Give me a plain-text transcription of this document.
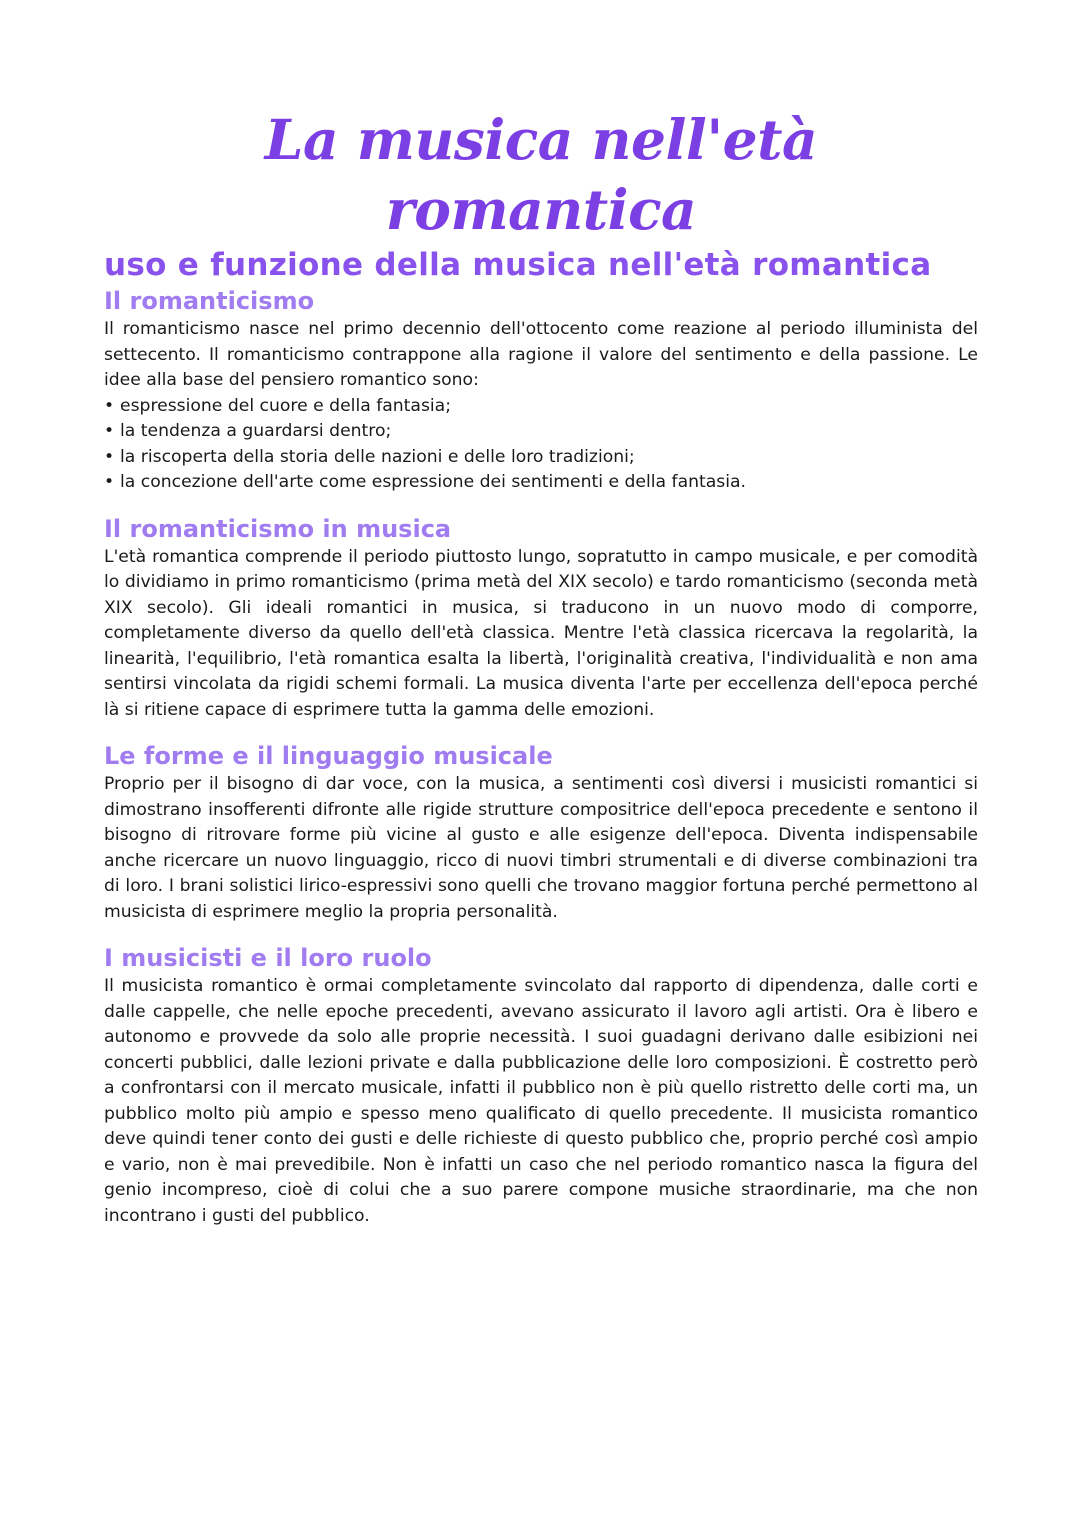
La musica nell'età romantica
uso e funzione della musica nell'età romantica
Il romanticismo

Il romanticismo nasce nel primo decennio dell'ottocento come reazione al periodo illuminista del settecento. Il romanticismo contrappone alla ragione il valore del sentimento e della passione. Le idee alla base del pensiero romantico sono:

• espressione del cuore e della fantasia;
• la tendenza a guardarsi dentro;
• la riscoperta della storia delle nazioni e delle loro tradizioni;
• la concezione dell'arte come espressione dei sentimenti e della fantasia.
Il romanticismo in musica

L'età romantica comprende il periodo piuttosto lungo, sopratutto in campo musicale, e per comodità lo dividiamo in primo romanticismo (prima metà del XIX secolo) e tardo romanticismo (seconda metà XIX secolo). Gli ideali romantici in musica, si traducono in un nuovo modo di comporre, completamente diverso da quello dell'età classica. Mentre l'età classica ricercava la regolarità, la linearità, l'equilibrio, l'età romantica esalta la libertà, l'originalità creativa, l'individualità e non ama sentirsi vincolata da rigidi schemi formali. La musica diventa l'arte per eccellenza dell'epoca perché là si ritiene capace di esprimere tutta la gamma delle emozioni.

Le forme e il linguaggio musicale

Proprio per il bisogno di dar voce, con la musica, a sentimenti così diversi i musicisti romantici si dimostrano insofferenti difronte alle rigide strutture compositrice dell'epoca precedente e sentono il bisogno di ritrovare forme più vicine al gusto e alle esigenze dell'epoca. Diventa indispensabile anche ricercare un nuovo linguaggio, ricco di nuovi timbri strumentali e di diverse combinazioni tra di loro. I brani solistici lirico-espressivi sono quelli che trovano maggior fortuna perché permettono al musicista di esprimere meglio la propria personalità.

I musicisti e il loro ruolo

Il musicista romantico è ormai completamente svincolato dal rapporto di dipendenza, dalle corti e dalle cappelle, che nelle epoche precedenti, avevano assicurato il lavoro agli artisti. Ora è libero e autonomo e provvede da solo alle proprie necessità. I suoi guadagni derivano dalle esibizioni nei concerti pubblici, dalle lezioni private e dalla pubblicazione delle loro composizioni. È costretto però a confrontarsi con il mercato musicale, infatti il pubblico non è più quello ristretto delle corti ma, un pubblico molto più ampio e spesso meno qualificato di quello precedente. Il musicista romantico deve quindi tener conto dei gusti e delle richieste di questo pubblico che, proprio perché così ampio e vario, non è mai prevedibile. Non è infatti un caso che nel periodo romantico nasca la figura del genio incompreso, cioè di colui che a suo parere compone musiche straordinarie, ma che non incontrano i gusti del pubblico.
